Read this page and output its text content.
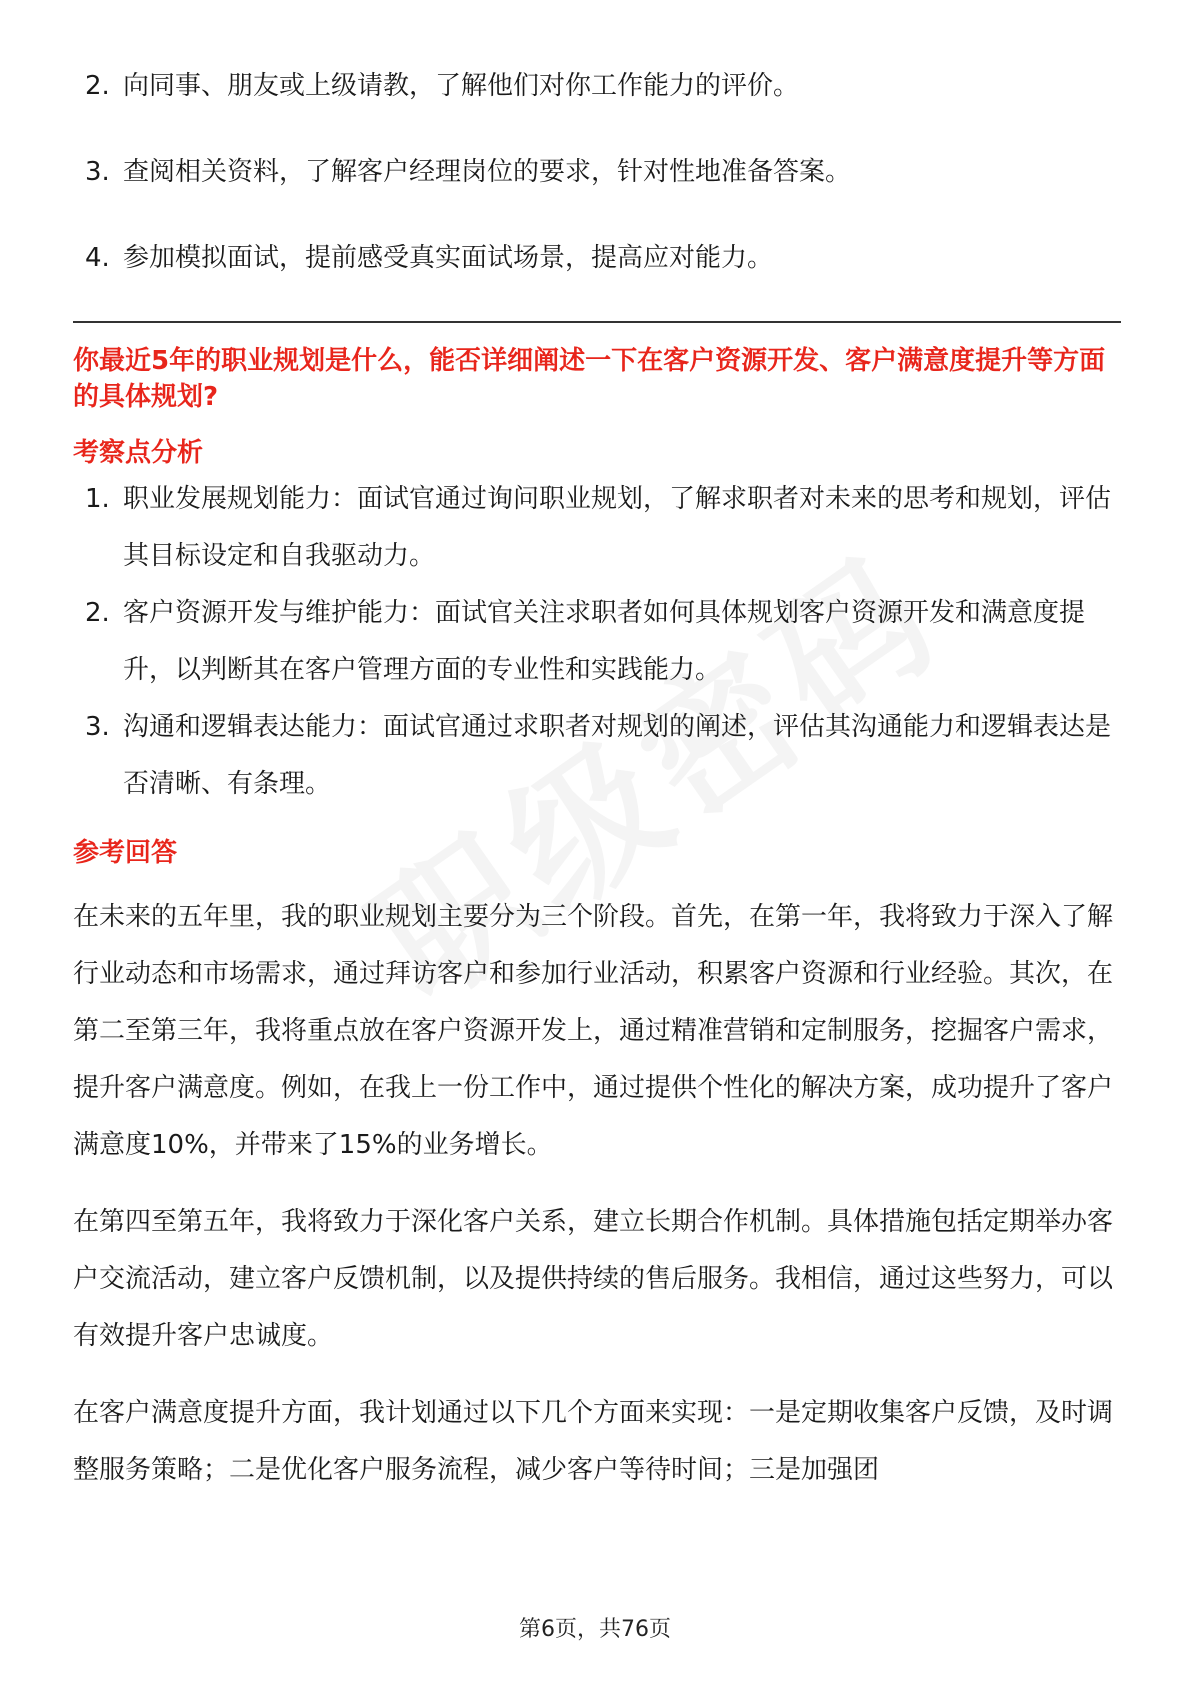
2. 向同事、朋友或上级请教，了解他们对你工作能力的评价。
3. 查阅相关资料，了解客户经理岗位的要求，针对性地准备答案。
4. 参加模拟面试，提前感受真实面试场景，提高应对能力。
你最近5年的职业规划是什么，能否详细阐述一下在客户资源开发、客户满意度提升等方面的具体规划?
考察点分析
1. 职业发展规划能力：面试官通过询问职业规划，了解求职者对未来的思考和规划，评估其目标设定和自我驱动力。
2. 客户资源开发与维护能力：面试官关注求职者如何具体规划客户资源开发和满意度提升，以判断其在客户管理方面的专业性和实践能力。
3. 沟通和逻辑表达能力：面试官通过求职者对规划的阐述，评估其沟通能力和逻辑表达是否清晰、有条理。
参考回答

在未来的五年里，我的职业规划主要分为三个阶段。首先，在第一年，我将致力于深入了解行业动态和市场需求，通过拜访客户和参加行业活动，积累客户资源和行业经验。其次，在第二至第三年，我将重点放在客户资源开发上，通过精准营销和定制服务，挖掘客户需求，提升客户满意度。例如，在我上一份工作中，通过提供个性化的解决方案，成功提升了客户满意度10%，并带来了15%的业务增长。

在第四至第五年，我将致力于深化客户关系，建立长期合作机制。具体措施包括定期举办客户交流活动，建立客户反馈机制，以及提供持续的售后服务。我相信，通过这些努力，可以有效提升客户忠诚度。

在客户满意度提升方面，我计划通过以下几个方面来实现：一是定期收集客户反馈，及时调整服务策略；二是优化客户服务流程，减少客户等待时间；三是加强团

第6页，共76页
